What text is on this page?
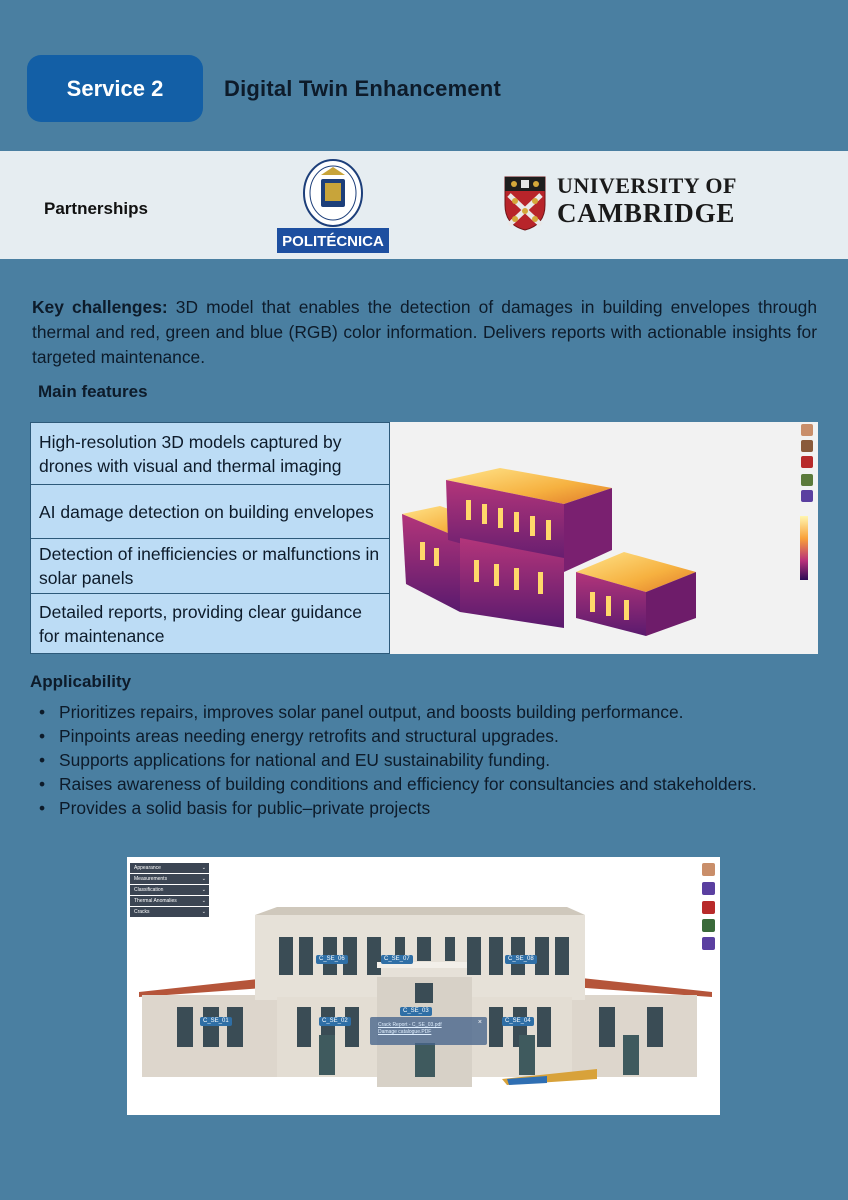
Service 2	Digital Twin Enhancement
Partnerships
POLITÉCNICA
UNIVERSITY OF
CAMBRIDGE

Key challenges: 3D model that enables the detection of damages in building envelopes through thermal and red, green and blue (RGB) color information. Delivers reports with actionable insights for targeted maintenance.

Main features
High-resolution 3D models captured by drones with visual and thermal imaging
AI damage detection on building envelopes
Detection of inefficiencies or malfunctions in solar panels
Detailed reports, providing clear guidance for maintenance
Applicability
• Prioritizes repairs, improves solar panel output, and boosts building performance.
• Pinpoints areas needing energy retrofits and structural upgrades.
• Supports applications for national and EU sustainability funding.
• Raises awareness of building conditions and efficiency for consultancies and stakeholders.
• Provides a solid basis for public–private projects
Appearance	⌄
Measurements	⌄
Classification	⌄
Thermal Anomalies	⌄
Cracks	⌄
C_SE_01	C_SE_02
C_SE_03
C_SE_04
C_SE_06	C_SE_07	C_SE_08
×
Crack Report - C_SE_03.pdf
Damage catalogue.PDF
